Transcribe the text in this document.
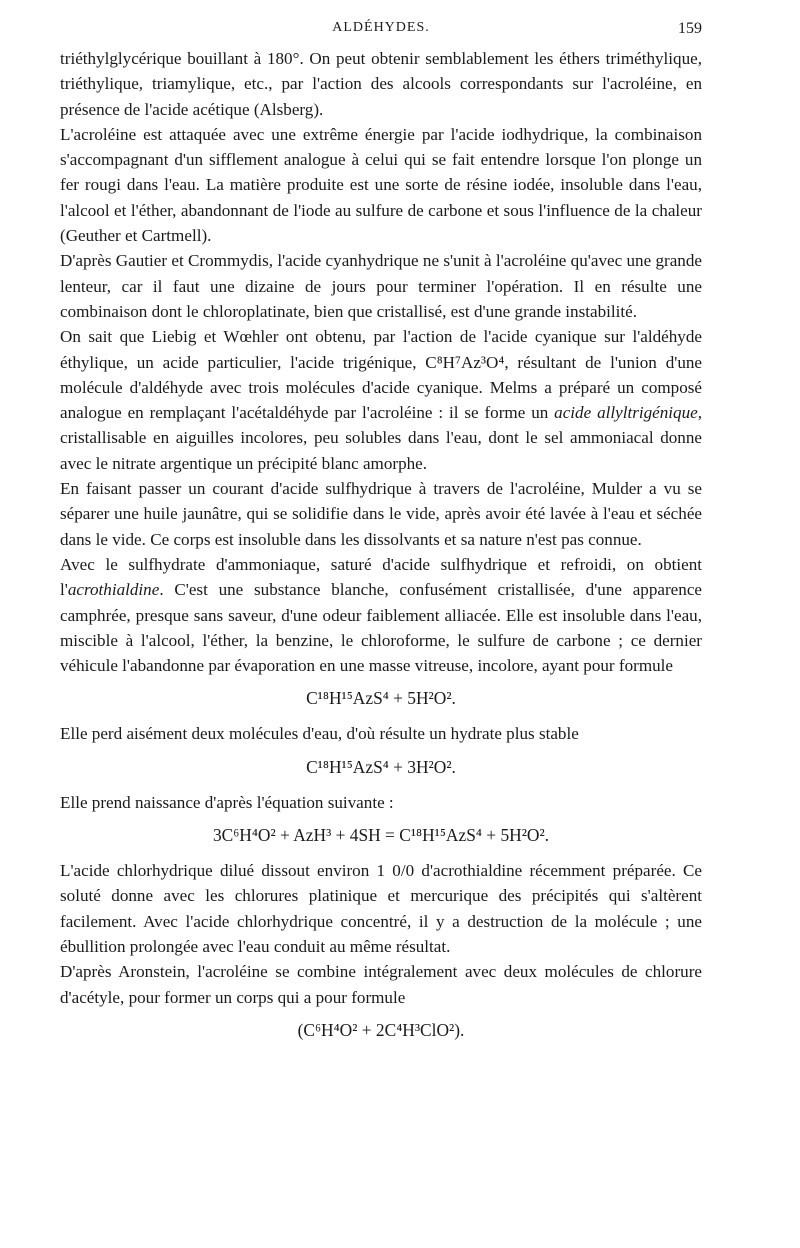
ALDÉHYDES.	159

triéthylglycérique bouillant à 180°. On peut obtenir semblablement les éthers triméthylique, triéthylique, triamylique, etc., par l'action des alcools correspondants sur l'acroléine, en présence de l'acide acétique (Alsberg).

L'acroléine est attaquée avec une extrême énergie par l'acide iodhydrique, la combinaison s'accompagnant d'un sifflement analogue à celui qui se fait entendre lorsque l'on plonge un fer rougi dans l'eau. La matière produite est une sorte de résine iodée, insoluble dans l'eau, l'alcool et l'éther, abandonnant de l'iode au sulfure de carbone et sous l'influence de la chaleur (Geuther et Cartmell).

D'après Gautier et Crommydis, l'acide cyanhydrique ne s'unit à l'acroléine qu'avec une grande lenteur, car il faut une dizaine de jours pour terminer l'opération. Il en résulte une combinaison dont le chloroplatinate, bien que cristallisé, est d'une grande instabilité.

On sait que Liebig et Wœhler ont obtenu, par l'action de l'acide cyanique sur l'aldéhyde éthylique, un acide particulier, l'acide trigénique, C⁸H⁷Az³O⁴, résultant de l'union d'une molécule d'aldéhyde avec trois molécules d'acide cyanique. Melms a préparé un composé analogue en remplaçant l'acétaldéhyde par l'acroléine : il se forme un acide allyltrigénique, cristallisable en aiguilles incolores, peu solubles dans l'eau, dont le sel ammoniacal donne avec le nitrate argentique un précipité blanc amorphe.

En faisant passer un courant d'acide sulfhydrique à travers de l'acroléine, Mulder a vu se séparer une huile jaunâtre, qui se solidifie dans le vide, après avoir été lavée à l'eau et séchée dans le vide. Ce corps est insoluble dans les dissolvants et sa nature n'est pas connue.

Avec le sulfhydrate d'ammoniaque, saturé d'acide sulfhydrique et refroidi, on obtient l'acrothialdine. C'est une substance blanche, confusément cristallisée, d'une apparence camphrée, presque sans saveur, d'une odeur faiblement alliacée. Elle est insoluble dans l'eau, miscible à l'alcool, l'éther, la benzine, le chloroforme, le sulfure de carbone ; ce dernier véhicule l'abandonne par évaporation en une masse vitreuse, incolore, ayant pour formule

C¹⁸H¹⁵AzS⁴ + 5H²O².

Elle perd aisément deux molécules d'eau, d'où résulte un hydrate plus stable

C¹⁸H¹⁵AzS⁴ + 3H²O².

Elle prend naissance d'après l'équation suivante :

3C⁶H⁴O² + AzH³ + 4SH = C¹⁸H¹⁵AzS⁴ + 5H²O².

L'acide chlorhydrique dilué dissout environ 1 0/0 d'acrothialdine récemment préparée. Ce soluté donne avec les chlorures platinique et mercurique des précipités qui s'altèrent facilement. Avec l'acide chlorhydrique concentré, il y a destruction de la molécule ; une ébullition prolongée avec l'eau conduit au même résultat.

D'après Aronstein, l'acroléine se combine intégralement avec deux molécules de chlorure d'acétyle, pour former un corps qui a pour formule

(C⁶H⁴O² + 2C⁴H³ClO²).
